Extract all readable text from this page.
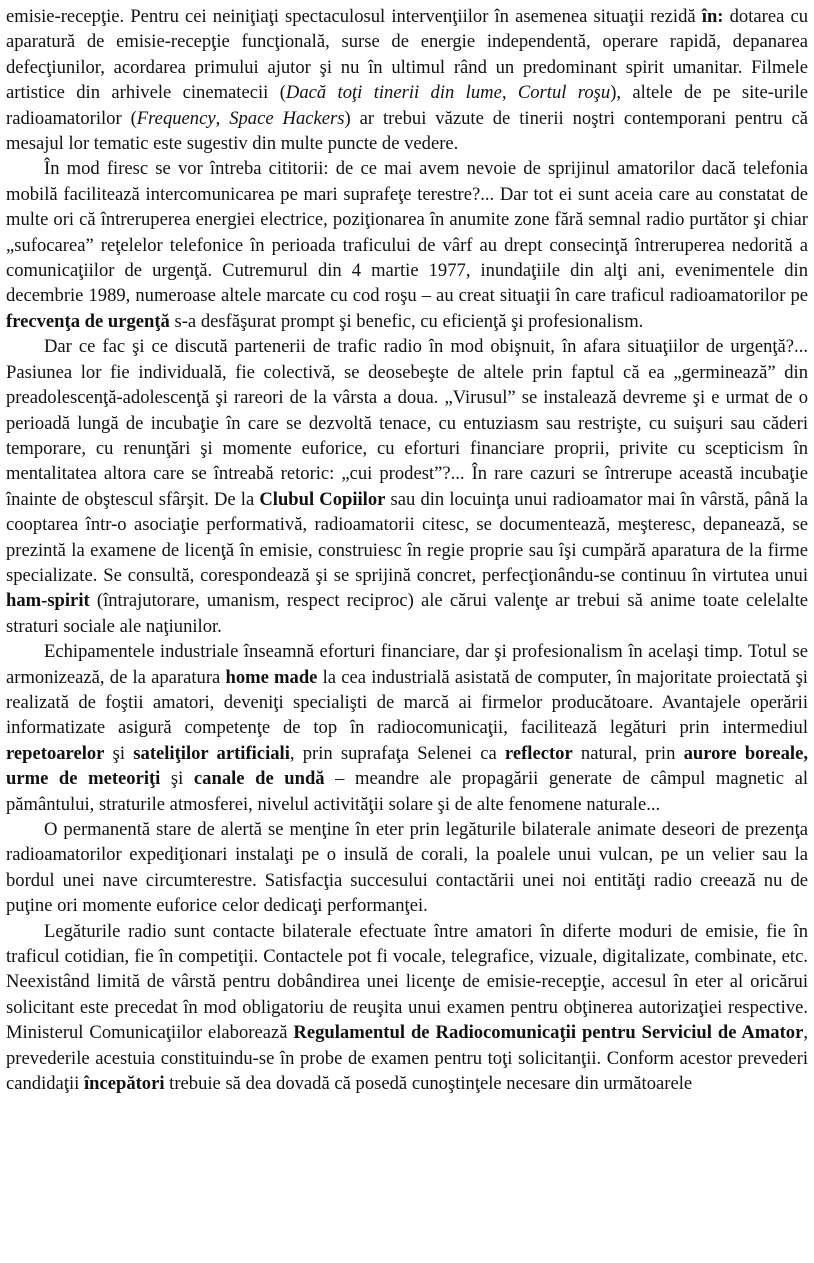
emisie-recepţie. Pentru cei neiniţiaţi spectaculosul intervenţiilor în asemenea situaţii rezidă în: dotarea cu aparatură de emisie-recepţie funcţională, surse de energie independentă, operare rapidă, depanarea defecţiunilor, acordarea primului ajutor şi nu în ultimul rând un predominant spirit umanitar. Filmele artistice din arhivele cinematecii (Dacă toţi tinerii din lume, Cortul roşu), altele de pe site-urile radioamatorilor (Frequency, Space Hackers) ar trebui văzute de tinerii noştri contemporani pentru că mesajul lor tematic este sugestiv din multe puncte de vedere.

În mod firesc se vor întreba cititorii: de ce mai avem nevoie de sprijinul amatorilor dacă telefonia mobilă facilitează intercomunicarea pe mari suprafeţe terestre?... Dar tot ei sunt aceia care au constatat de multe ori că întreruperea energiei electrice, poziţionarea în anumite zone fără semnal radio purtător şi chiar „sufocarea” reţelelor telefonice în perioada traficului de vârf au drept consecinţă întreruperea nedorită a comunicaţiilor de urgenţă. Cutremurul din 4 martie 1977, inundaţiile din alţi ani, evenimentele din decembrie 1989, numeroase altele marcate cu cod roşu – au creat situaţii în care traficul radioamatorilor pe frecvenţa de urgenţă s-a desfăşurat prompt şi benefic, cu eficienţă şi profesionalism.

Dar ce fac şi ce discută partenerii de trafic radio în mod obişnuit, în afara situaţiilor de urgenţă?... Pasiunea lor fie individuală, fie colectivă, se deosebeşte de altele prin faptul că ea „germinează” din preadolescenţă-adolescenţă şi rareori de la vârsta a doua. „Virusul” se instalează devreme şi e urmat de o perioadă lungă de incubaţie în care se dezvoltă tenace, cu entuziasm sau restrişte, cu suişuri sau căderi temporare, cu renunţări şi momente euforice, cu eforturi financiare proprii, privite cu scepticism în mentalitatea altora care se întreabă retoric: „cui prodest”?... În rare cazuri se întrerupe această incubaţie înainte de obştescul sfârşit. De la Clubul Copiilor sau din locuinţa unui radioamator mai în vârstă, până la cooptarea într-o asociaţie performativă, radioamatorii citesc, se documentează, meşteresc, depanează, se prezintă la examene de licenţă în emisie, construiesc în regie proprie sau îşi cumpără aparatura de la firme specializate. Se consultă, corespondează şi se sprijină concret, perfecţionându-se continuu în virtutea unui ham-spirit (întrajutorare, umanism, respect reciproc) ale cărui valenţe ar trebui să anime toate celelalte straturi sociale ale naţiunilor.

Echipamentele industriale înseamnă eforturi financiare, dar şi profesionalism în acelaşi timp. Totul se armonizează, de la aparatura home made la cea industrială asistată de computer, în majoritate proiectată şi realizată de foştii amatori, deveniţi specialişti de marcă ai firmelor producătoare. Avantajele operării informatizate asigură competenţe de top în radiocomunicaţii, facilitează legături prin intermediul repetoarelor şi sateliţilor artificiali, prin suprafaţa Selenei ca reflector natural, prin aurore boreale, urme de meteoriţi şi canale de undă – meandre ale propagării generate de câmpul magnetic al pământului, straturile atmosferei, nivelul activităţii solare şi de alte fenomene naturale...

O permanentă stare de alertă se menţine în eter prin legăturile bilaterale animate deseori de prezenţa radioamatorilor expediţionari instalaţi pe o insulă de corali, la poalele unui vulcan, pe un velier sau la bordul unei nave circumterestre. Satisfacţia succesului contactării unei noi entităţi radio creează nu de puţine ori momente euforice celor dedicaţi performanţei.

Legăturile radio sunt contacte bilaterale efectuate între amatori în diferte moduri de emisie, fie în traficul cotidian, fie în competiţii. Contactele pot fi vocale, telegrafice, vizuale, digitalizate, combinate, etc. Neexistând limită de vârstă pentru dobândirea unei licenţe de emisie-recepţie, accesul în eter al oricărui solicitant este precedat în mod obligatoriu de reuşita unui examen pentru obţinerea autorizaţiei respective. Ministerul Comunicaţiilor elaborează Regulamentul de Radiocomunicaţii pentru Serviciul de Amator, prevederile acestuia constituindu-se în probe de examen pentru toţi solicitanţii. Conform acestor prevederi candidaţii începători trebuie să dea dovadă că posedă cunoştinţele necesare din următoarele
